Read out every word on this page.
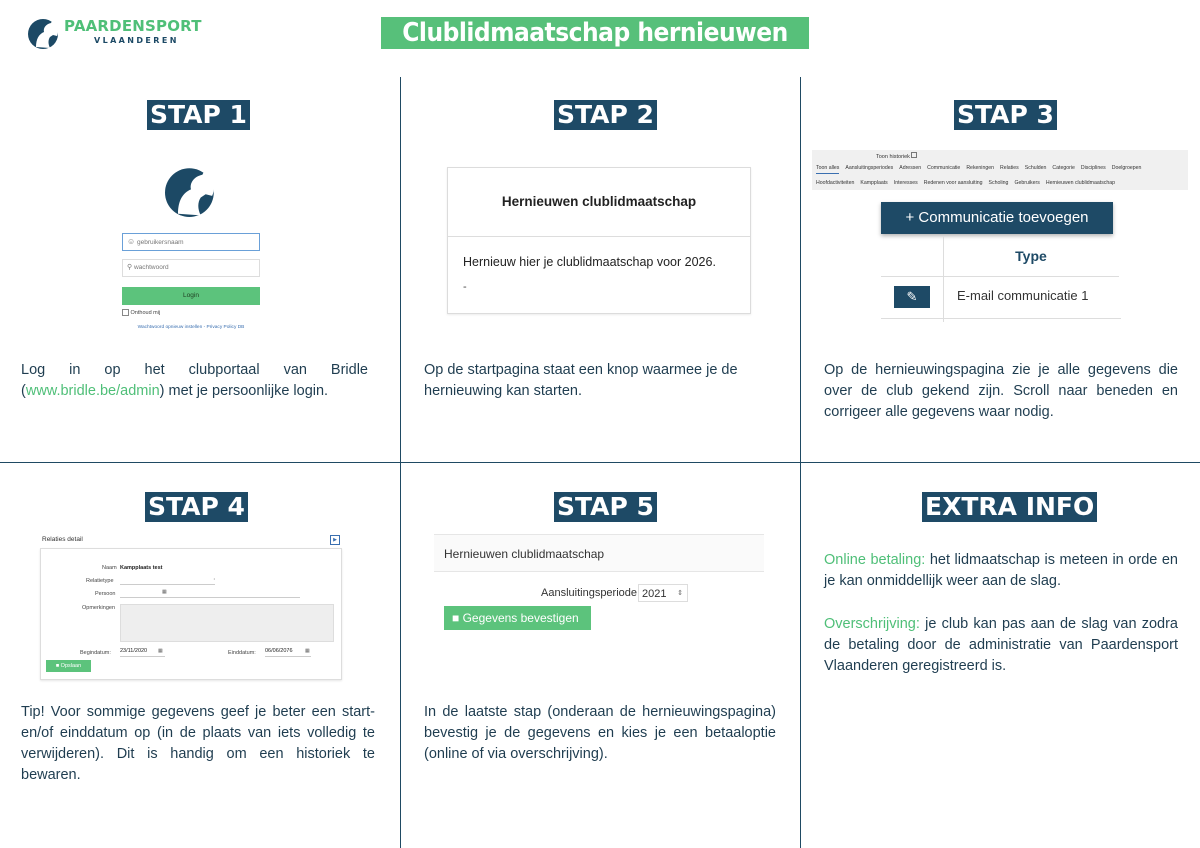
PAARDENSPORT
VLAANDEREN	Clublidmaatschap hernieuwen
STAP 1
☺ gebruikersnaam
⚲ wachtwoord
Login
Onthoud mij
Wachtwoord opnieuw instellen - Privacy Policy DB
Log in op het clubportaal van Bridle (www.bridle.be/admin) met je persoonlijke login.
STAP 2
Hernieuwen clublidmaatschap
Hernieuw hier je clublidmaatschap voor 2026.
-
Op de startpagina staat een knop waarmee je de hernieuwing kan starten.
STAP 3
Toon historiek
Toon alles Aansluitingsperiodes Adressen Communicatie Rekeningen Relaties Schulden Categorie Disciplines Doelgroepen
Hoofdactiviteiten Kampplaats Interesses Redenen voor aansluiting Scholing Gebruikers Hernieuwen clublidmaatschap
+ Communicatie toevoegen
Type
✎	E-mail communicatie 1
Op de hernieuwingspagina zie je alle gegevens die over de club gekend zijn. Scroll naar beneden en corrigeer alle gegevens waar nodig.
STAP 4
Relaties detail	▶
Naam Kampplaats test
Relatietype	•
Persoon	▦
Opmerkingen
Begindatum: 23/11/2020 ▦	Einddatum: 06/06/2076 ▦
■ Opslaan
Tip! Voor sommige gegevens geef je beter een start- en/of einddatum op (in de plaats van iets volledig te verwijderen). Dit is handig om een historiek te bewaren.
STAP 5
Hernieuwen clublidmaatschap
Aansluitingsperiode 2021 ⇕
■ Gegevens bevestigen
In de laatste stap (onderaan de hernieuwingspagina) bevestig je de gegevens en kies je een betaaloptie (online of via overschrijving).
EXTRA INFO
Online betaling: het lidmaatschap is meteen in orde en je kan onmiddellijk weer aan de slag.
Overschrijving: je club kan pas aan de slag van zodra de betaling door de administratie van Paardensport Vlaanderen geregistreerd is.
